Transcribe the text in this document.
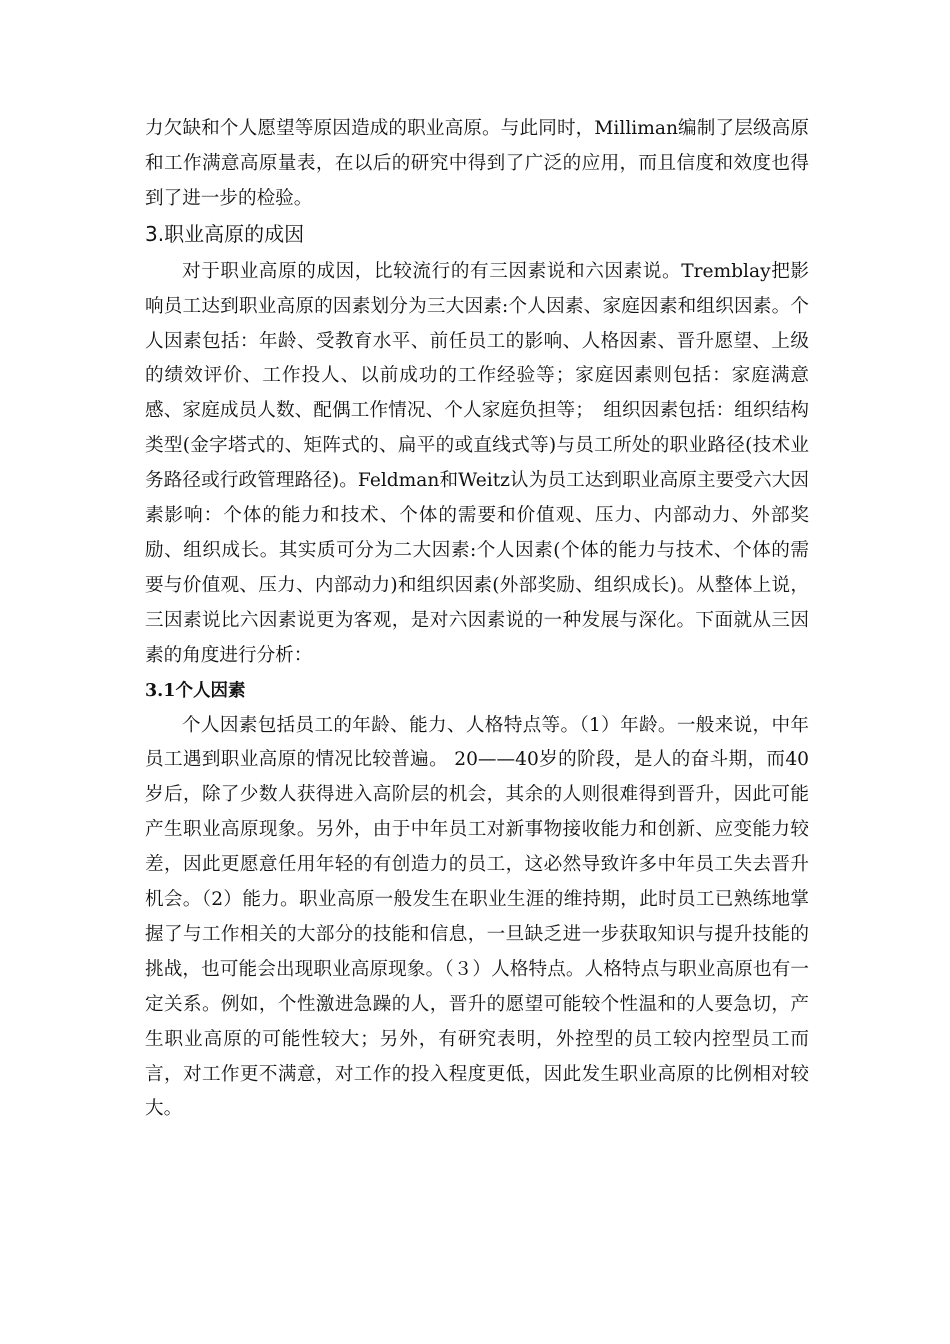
力欠缺和个人愿望等原因造成的职业高原。与此同时，Milliman编制了层级高原和工作满意高原量表，在以后的研究中得到了广泛的应用，而且信度和效度也得到了进一步的检验。

3.职业高原的成因

对于职业高原的成因，比较流行的有三因素说和六因素说。Tremblay把影响员工达到职业高原的因素划分为三大因素:个人因素、家庭因素和组织因素。个人因素包括：年龄、受教育水平、前任员工的影响、人格因素、晋升愿望、上级的绩效评价、工作投人、以前成功的工作经验等；家庭因素则包括：家庭满意感、家庭成员人数、配偶工作情况、个人家庭负担等；　组织因素包括：组织结构类型(金字塔式的、矩阵式的、扁平的或直线式等)与员工所处的职业路径(技术业务路径或行政管理路径)。Feldman和Weitz认为员工达到职业高原主要受六大因素影响：个体的能力和技术、个体的需要和价值观、压力、内部动力、外部奖励、组织成长。其实质可分为二大因素:个人因素(个体的能力与技术、个体的需要与价值观、压力、内部动力)和组织因素(外部奖励、组织成长)。从整体上说，三因素说比六因素说更为客观，是对六因素说的一种发展与深化。下面就从三因素的角度进行分析：

3.1个人因素

个人因素包括员工的年龄、能力、人格特点等。（1）年龄。一般来说，中年员工遇到职业高原的情况比较普遍。 20——40岁的阶段，是人的奋斗期，而40岁后，除了少数人获得进入高阶层的机会，其余的人则很难得到晋升，因此可能产生职业高原现象。另外，由于中年员工对新事物接收能力和创新、应变能力较差，因此更愿意任用年轻的有创造力的员工，这必然导致许多中年员工失去晋升机会。（2）能力。职业高原一般发生在职业生涯的维持期，此时员工已熟练地掌握了与工作相关的大部分的技能和信息，一旦缺乏进一步获取知识与提升技能的挑战，也可能会出现职业高原现象。（３）人格特点。人格特点与职业高原也有一定关系。例如，个性激进急躁的人，晋升的愿望可能较个性温和的人要急切，产生职业高原的可能性较大；另外，有研究表明，外控型的员工较内控型员工而言，对工作更不满意，对工作的投入程度更低，因此发生职业高原的比例相对较大。
